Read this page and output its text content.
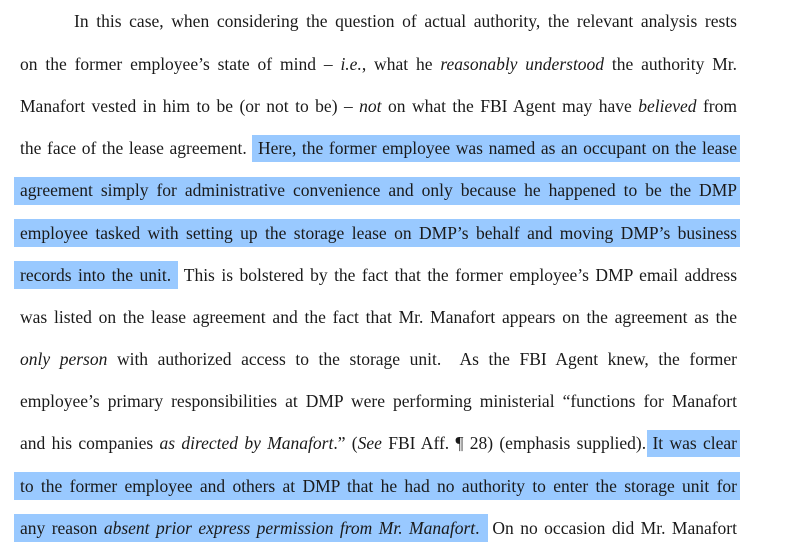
In this case, when considering the question of actual authority, the relevant analysis rests
on the former employee’s state of mind – i.e., what he reasonably understood the authority Mr.
Manafort vested in him to be (or not to be) – not on what the FBI Agent may have believed from
the face of the lease agreement.  Here, the former employee was named as an occupant on the lease
agreement simply for administrative convenience and only because he happened to be the DMP
employee tasked with setting up the storage lease on DMP’s behalf and moving DMP’s business
records into the unit.  This is bolstered by the fact that the former employee’s DMP email address
was listed on the lease agreement and the fact that Mr. Manafort appears on the agreement as the
only person with authorized access to the storage unit.  As the FBI Agent knew, the former
employee’s primary responsibilities at DMP were performing ministerial “functions for Manafort
and his companies as directed by Manafort.” (See FBI Aff. ¶ 28) (emphasis supplied). It was clear
to the former employee and others at DMP that he had no authority to enter the storage unit for
any reason absent prior express permission from Mr. Manafort.  On no occasion did Mr. Manafort
